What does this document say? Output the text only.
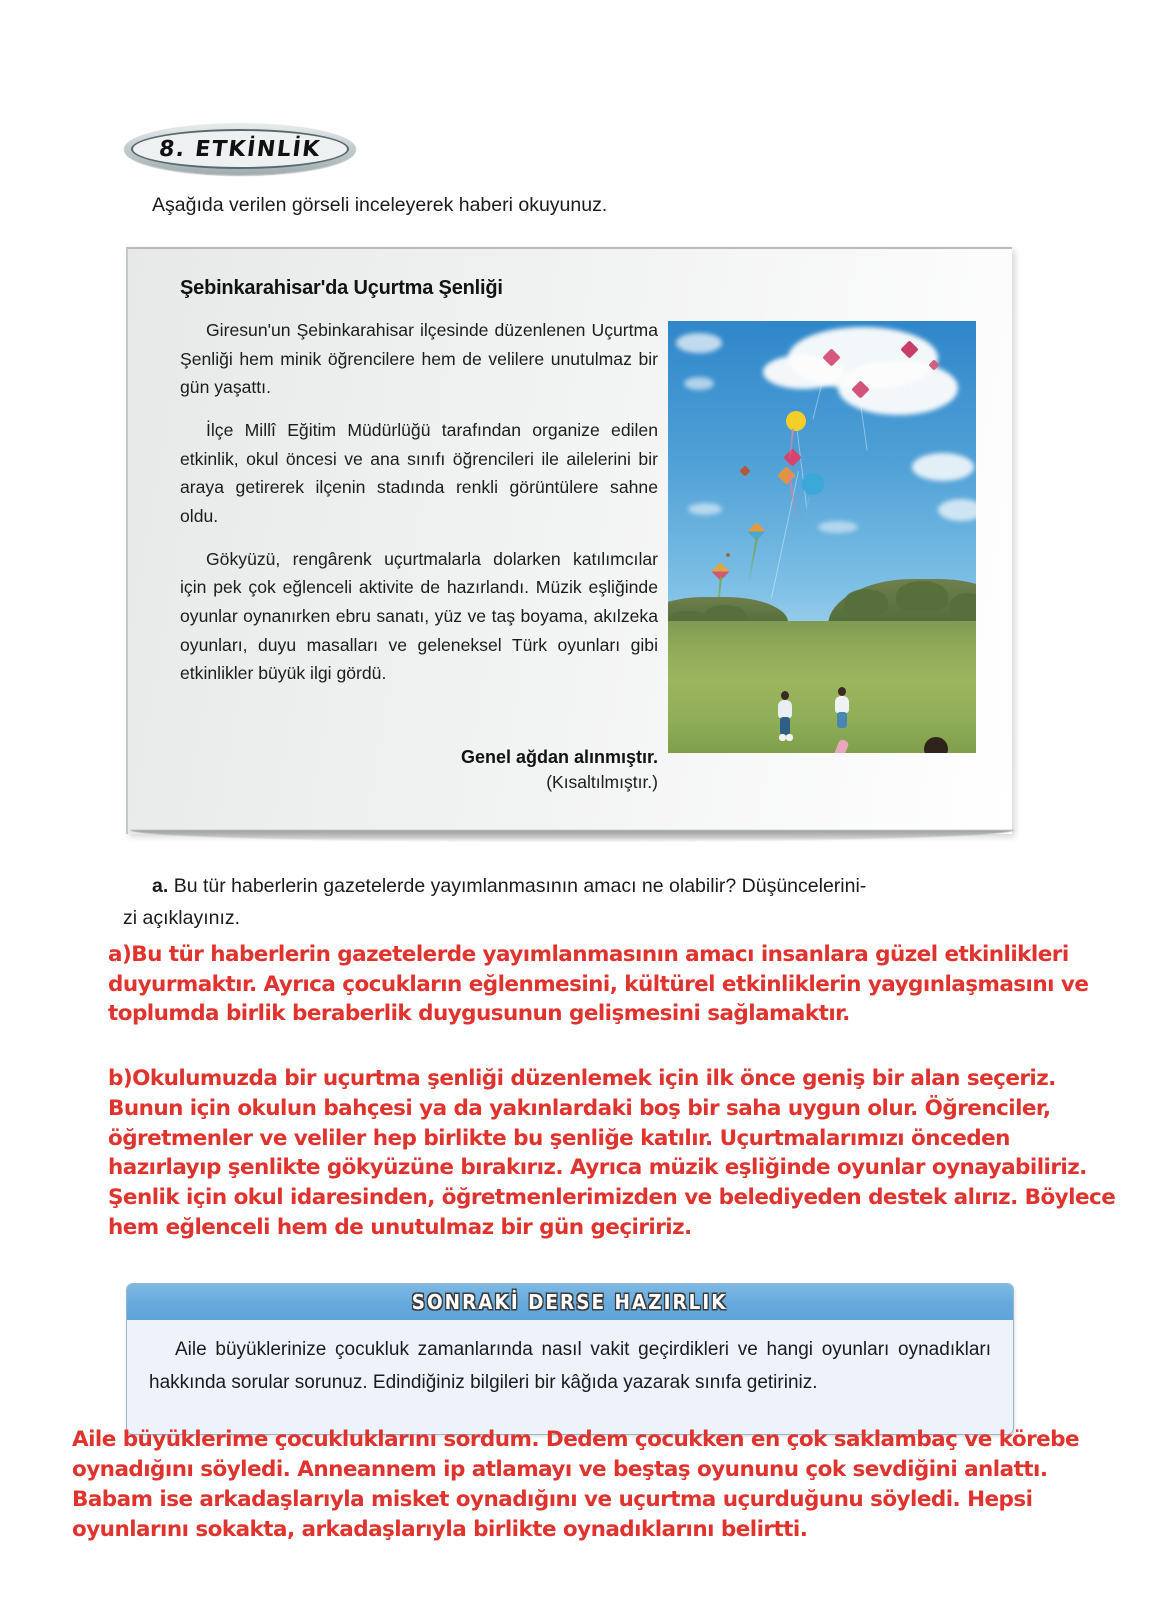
8. ETKİNLİK
Aşağıda verilen görseli inceleyerek haberi okuyunuz.
Şebinkarahisar'da Uçurtma Şenliği

Giresun'un Şebinkarahisar ilçesinde düzenlenen Uçurtma Şenliği hem minik öğrencilere hem de velilere unutulmaz bir gün yaşattı.

İlçe Millî Eğitim Müdürlüğü tarafından organize edilen etkinlik, okul öncesi ve ana sınıfı öğrencileri ile ailelerini bir araya getirerek ilçenin stadında renkli görüntülere sahne oldu.

Gökyüzü, rengârenk uçurtmalarla dolarken katılımcılar için pek çok eğlenceli aktivite de hazırlandı. Müzik eşliğinde oyunlar oynanırken ebru sanatı, yüz ve taş boyama, akılzeka oyunları, duyu masalları ve geleneksel Türk oyunları gibi etkinlikler büyük ilgi gördü.

Genel ağdan alınmıştır.

(Kısaltılmıştır.)

a. Bu tür haberlerin gazetelerde yayımlanmasının amacı ne olabilir? Düşüncelerini-
zi açıklayınız.
a)Bu tür haberlerin gazetelerde yayımlanmasının amacı insanlara güzel etkinlikleri duyurmaktır. Ayrıca çocukların eğlenmesini, kültürel etkinliklerin yaygınlaşmasını ve toplumda birlik beraberlik duygusunun gelişmesini sağlamaktır.
b)Okulumuzda bir uçurtma şenliği düzenlemek için ilk önce geniş bir alan seçeriz. Bunun için okulun bahçesi ya da yakınlardaki boş bir saha uygun olur. Öğrenciler, öğretmenler ve veliler hep birlikte bu şenliğe katılır. Uçurtmalarımızı önceden hazırlayıp şenlikte gökyüzüne bırakırız. Ayrıca müzik eşliğinde oyunlar oynayabiliriz. Şenlik için okul idaresinden, öğretmenlerimizden ve belediyeden destek alırız. Böylece hem eğlenceli hem de unutulmaz bir gün geçiririz.
SONRAKİ DERSE HAZIRLIK
Aile büyüklerinize çocukluk zamanlarında nasıl vakit geçirdikleri ve hangi oyunları oynadıkları hakkında sorular sorunuz. Edindiğiniz bilgileri bir kâğıda yazarak sınıfa getiriniz.
Aile büyüklerime çocukluklarını sordum. Dedem çocukken en çok saklambaç ve körebe oynadığını söyledi. Anneannem ip atlamayı ve beştaş oyununu çok sevdiğini anlattı. Babam ise arkadaşlarıyla misket oynadığını ve uçurtma uçurduğunu söyledi. Hepsi oyunlarını sokakta, arkadaşlarıyla birlikte oynadıklarını belirtti.
